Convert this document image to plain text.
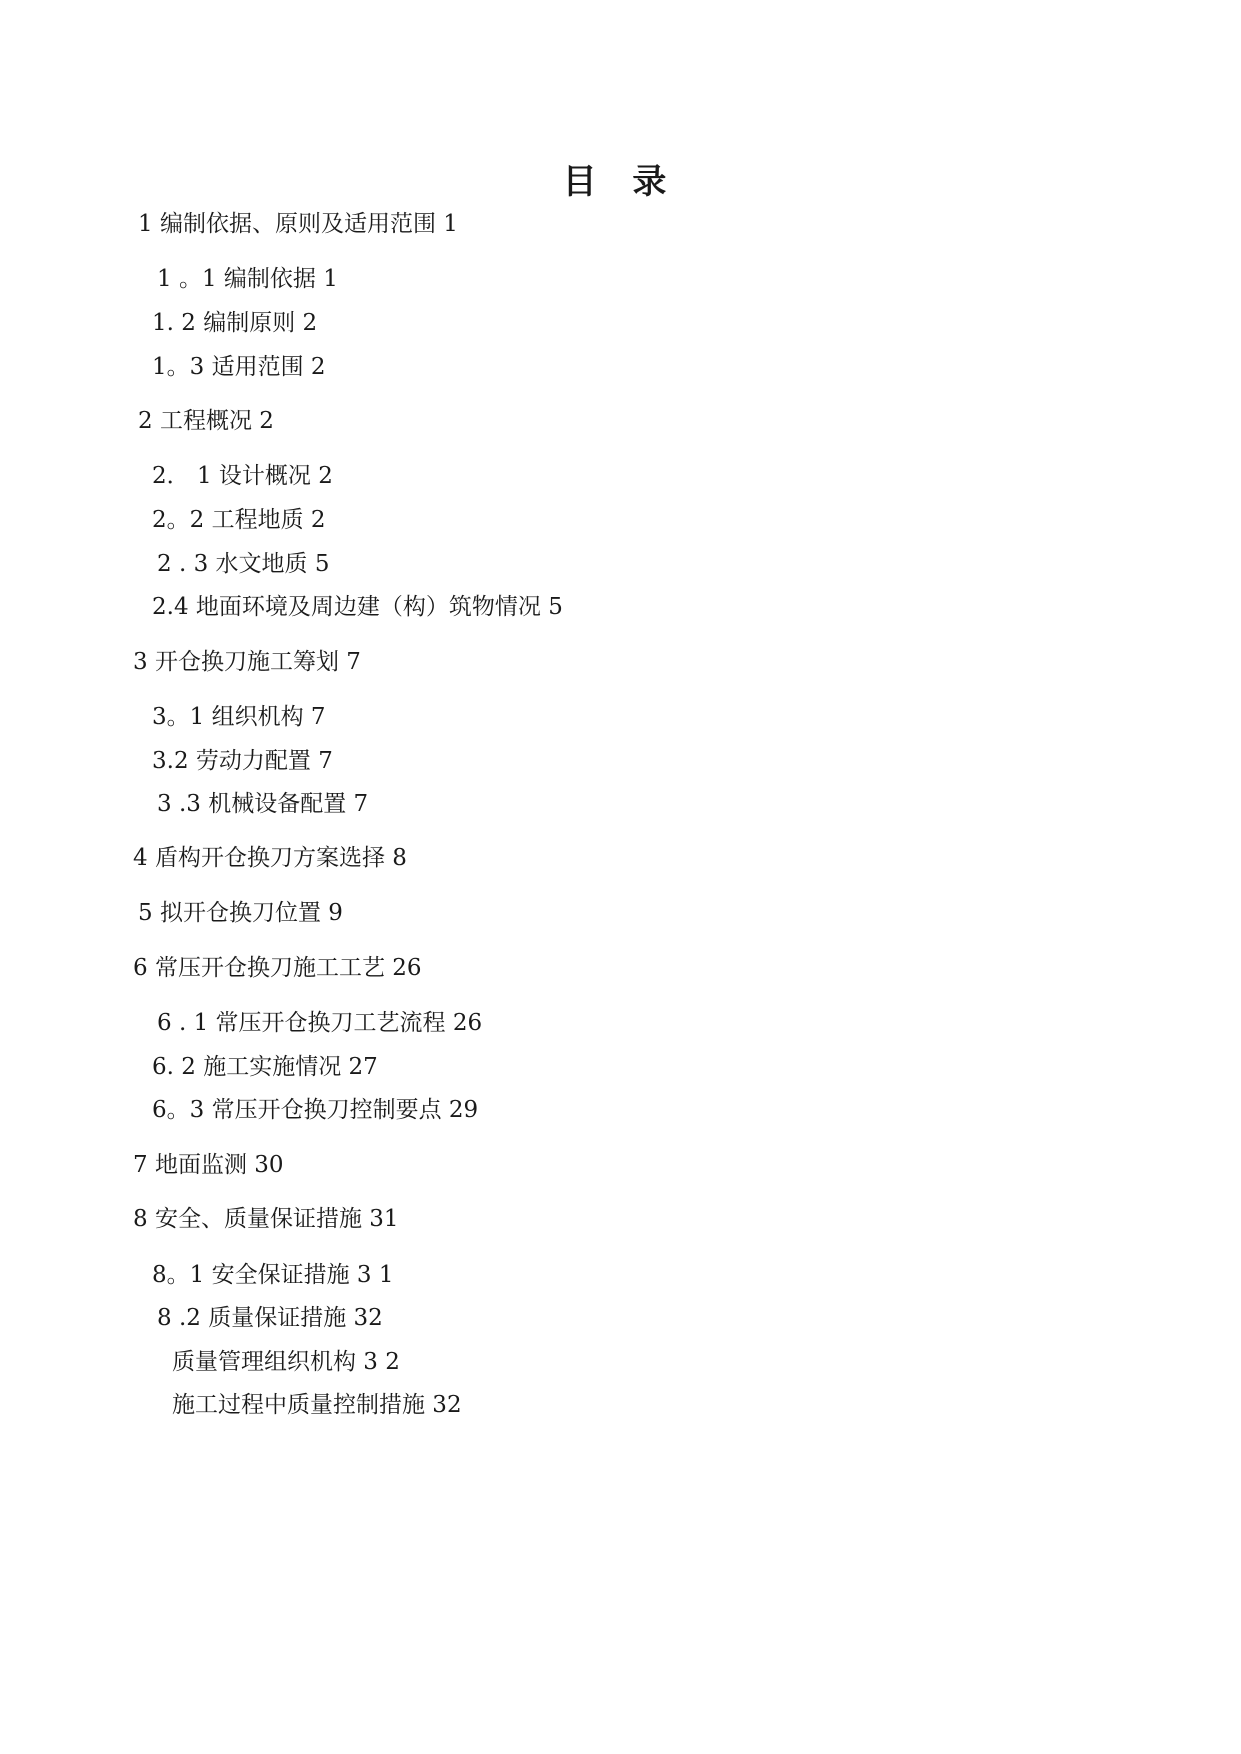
目 录
1 编制依据、原则及适用范围 1
1 。1 编制依据 1
1. 2 编制原则 2
1。3 适用范围 2
2 工程概况 2
2． 1 设计概况 2
2。2 工程地质 2
2 . 3 水文地质 5
2.4 地面环境及周边建（构）筑物情况 5
3 开仓换刀施工筹划 7
3。1 组织机构 7
3.2 劳动力配置 7
3 .3 机械设备配置 7
4 盾构开仓换刀方案选择 8
5 拟开仓换刀位置 9
6 常压开仓换刀施工工艺 26
6 . 1 常压开仓换刀工艺流程 26
6. 2 施工实施情况 27
6。3 常压开仓换刀控制要点 29
7 地面监测 30
8 安全、质量保证措施 31
8。1 安全保证措施 3 1
8 .2 质量保证措施 32
质量管理组织机构 3 2
施工过程中质量控制措施 32
